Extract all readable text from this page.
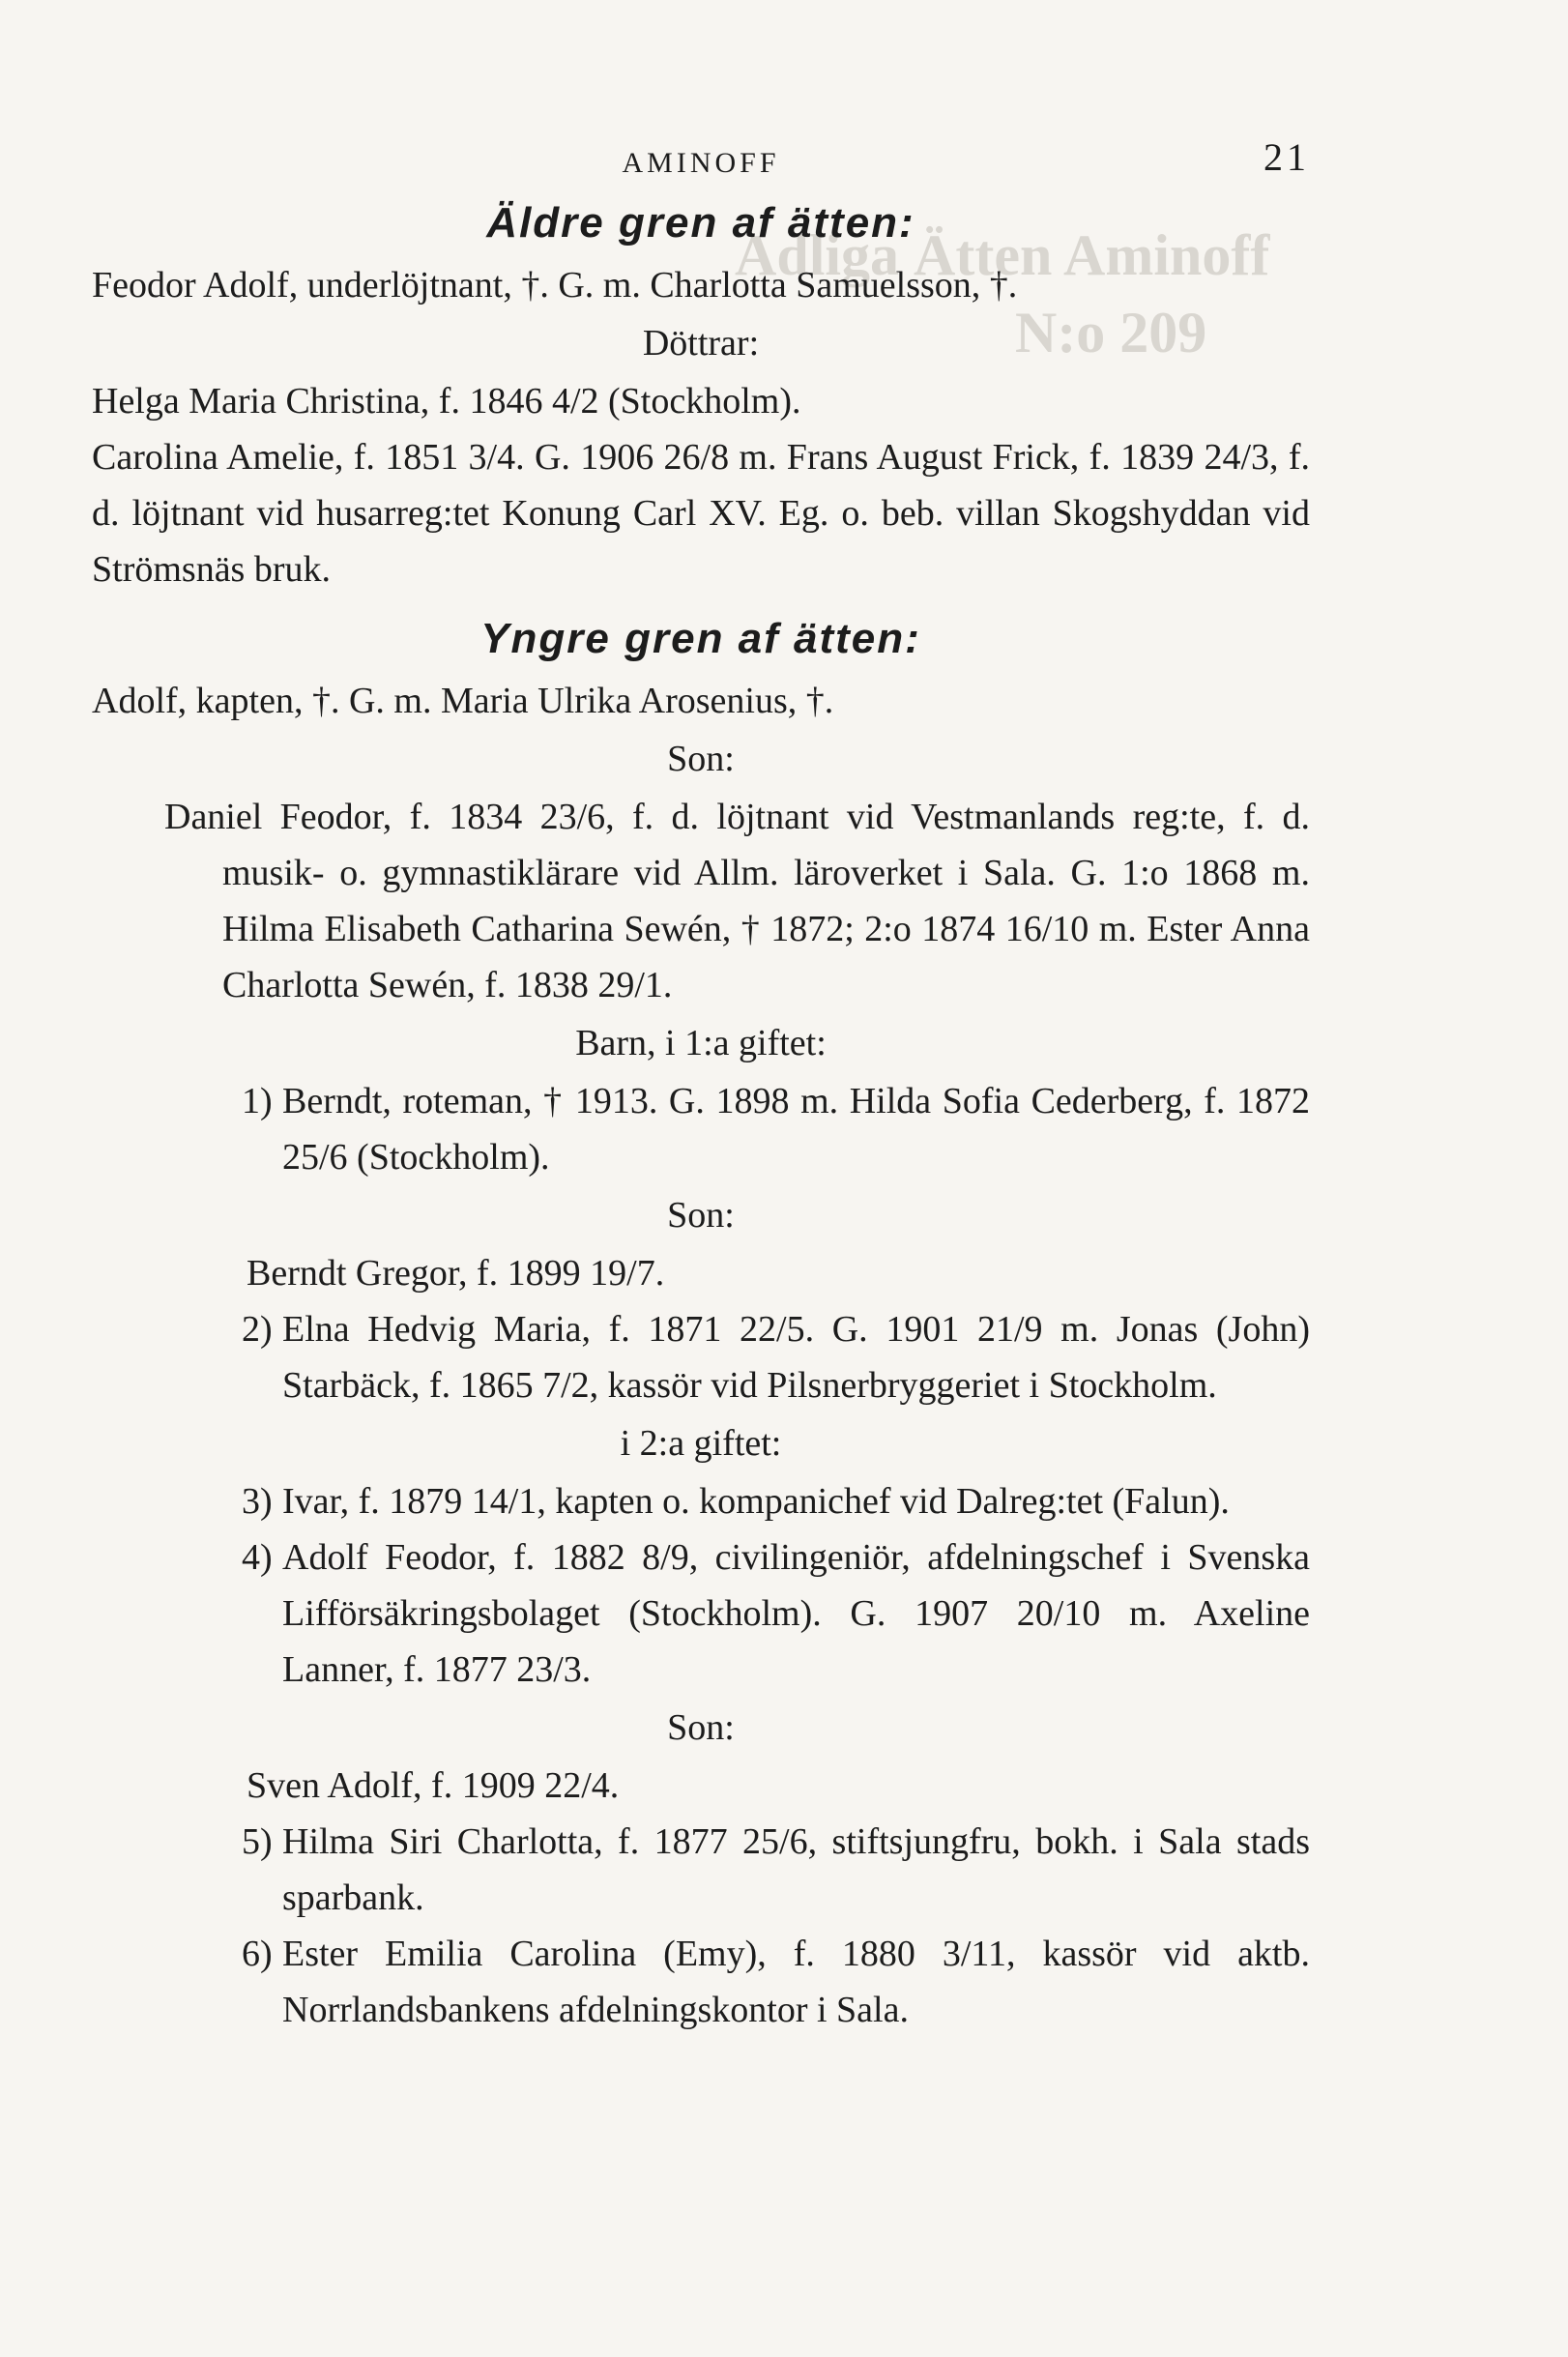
Adliga Ätten Aminoff
N:o 209
AMINOFF	21
Äldre gren af ätten:
Feodor Adolf, underlöjtnant, †. G. m. Charlotta Samuelsson, †.
Döttrar:
Helga Maria Christina, f. 1846 4/2 (Stockholm).
Carolina Amelie, f. 1851 3/4. G. 1906 26/8 m. Frans August Frick, f. 1839 24/3, f. d. löjtnant vid husarreg:tet Konung Carl XV. Eg. o. beb. villan Skogshyddan vid Strömsnäs bruk.
Yngre gren af ätten:
Adolf, kapten, †. G. m. Maria Ulrika Arosenius, †.
Son:
Daniel Feodor, f. 1834 23/6, f. d. löjtnant vid Vestmanlands reg:te, f. d. musik- o. gymnastiklärare vid Allm. läroverket i Sala. G. 1:o 1868 m. Hilma Elisabeth Catharina Sewén, † 1872; 2:o 1874 16/10 m. Ester Anna Charlotta Sewén, f. 1838 29/1.
Barn, i 1:a giftet:
1) Berndt, roteman, † 1913. G. 1898 m. Hilda Sofia Cederberg, f. 1872 25/6 (Stockholm).
Son:
Berndt Gregor, f. 1899 19/7.
2) Elna Hedvig Maria, f. 1871 22/5. G. 1901 21/9 m. Jonas (John) Starbäck, f. 1865 7/2, kassör vid Pilsnerbryggeriet i Stockholm.
i 2:a giftet:
3) Ivar, f. 1879 14/1, kapten o. kompanichef vid Dalreg:tet (Falun).
4) Adolf Feodor, f. 1882 8/9, civilingeniör, afdelningschef i Svenska Lifförsäkringsbolaget (Stockholm). G. 1907 20/10 m. Axeline Lanner, f. 1877 23/3.
Son:
Sven Adolf, f. 1909 22/4.
5) Hilma Siri Charlotta, f. 1877 25/6, stiftsjungfru, bokh. i Sala stads sparbank.
6) Ester Emilia Carolina (Emy), f. 1880 3/11, kassör vid aktb. Norrlandsbankens afdelningskontor i Sala.
